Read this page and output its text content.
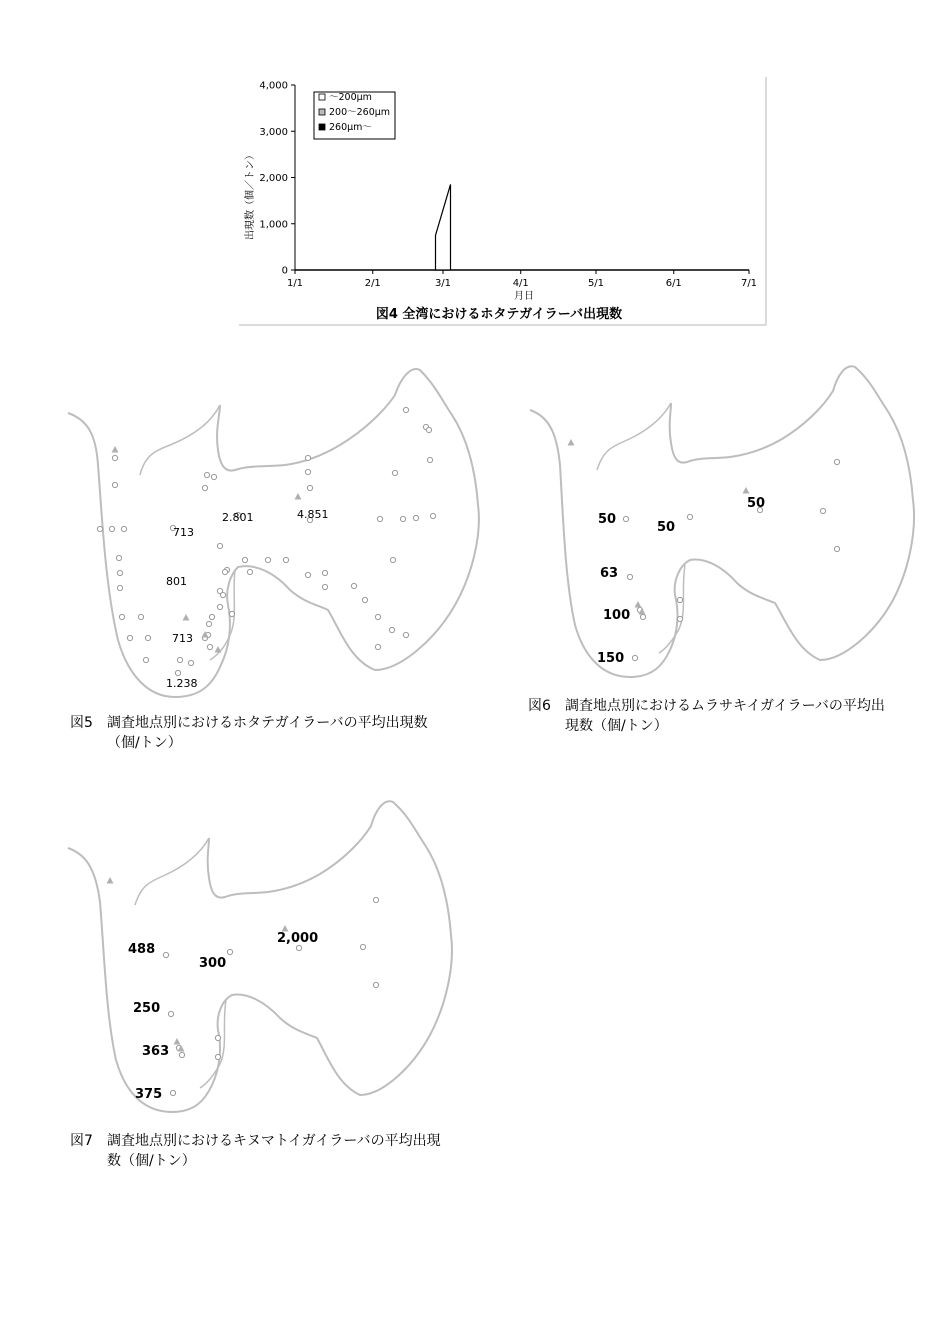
0
1,000
2,000
3,000
4,000
1/1	2/1	3/1	4/1	5/1	6/1	7/1
～200μm
200～260μm
260μm～
出現数（個／トン）
月日
図4 全湾におけるホタテガイラーバ出現数
713
2.801	4.851
801
713
1.238
50
50
50
63
100
150
488
300
2,000
250
363
375
図5 調査地点別におけるホタテガイラーバの平均出現数
（個/トン）
図6 調査地点別におけるムラサキイガイラーバの平均出
現数（個/トン）
図7 調査地点別におけるキヌマトイガイラーバの平均出現
数（個/トン）
